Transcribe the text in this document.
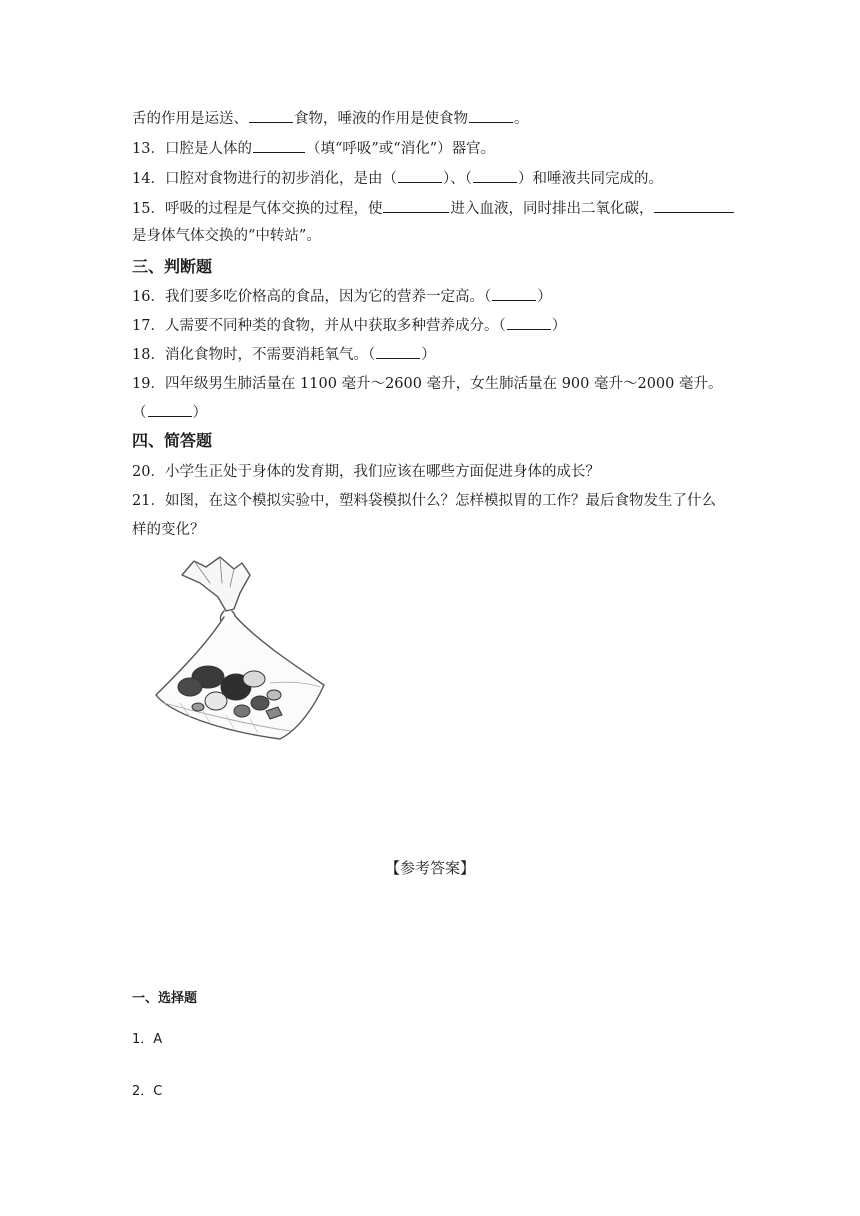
舌的作用是运送、	食物，唾液的作用是使食物	。
13．口腔是人体的	（填“呼吸”或“消化”）器官。
14．口腔对食物进行的初步消化，是由（	）、（	）和唾液共同完成的。
15．呼吸的过程是气体交换的过程，使	进入血液，同时排出二氧化碳，
是身体气体交换的“中转站”。
三、判断题
16．我们要多吃价格高的食品，因为它的营养一定高。（	）
17．人需要不同种类的食物，并从中获取多种营养成分。（	）
18．消化食物时，不需要消耗氧气。（	）
19．四年级男生肺活量在 1100 毫升～2600 毫升，女生肺活量在 900 毫升～2000 毫升。
（	）
四、简答题
20．小学生正处于身体的发育期，我们应该在哪些方面促进身体的成长？
21．如图，在这个模拟实验中，塑料袋模拟什么？怎样模拟胃的工作？最后食物发生了什么
样的变化？
【参考答案】
一、选择题
1．A
2．C
